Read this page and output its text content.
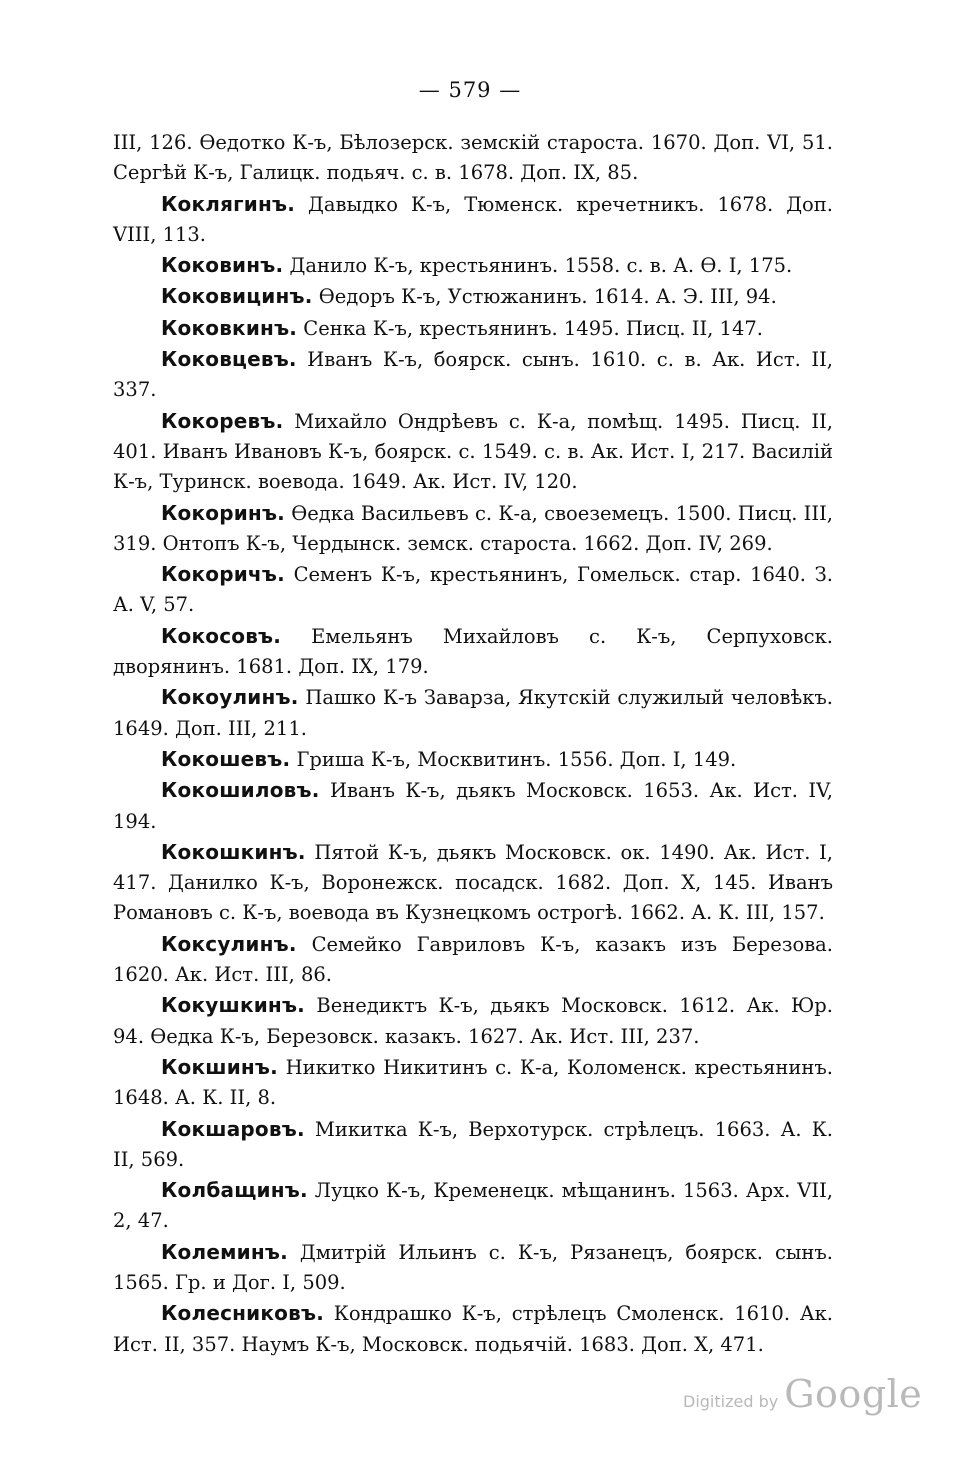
— 579 —

III, 126. Ѳедотко К-ъ, Бѣлозерск. земскій староста. 1670. Доп. VI, 51. Сергѣй К-ъ, Галицк. подьяч. с. в. 1678. Доп. IX, 85.

Коклягинъ. Давыдко К-ъ, Тюменск. кречетникъ. 1678. Доп. VIII, 113.

Коковинъ. Данило К-ъ, крестьянинъ. 1558. с. в. А. Ѳ. I, 175.

Коковицинъ. Ѳедоръ К-ъ, Устюжанинъ. 1614. А. Э. III, 94.

Коковкинъ. Сенка К-ъ, крестьянинъ. 1495. Писц. II, 147.

Коковцевъ. Иванъ К-ъ, боярск. сынъ. 1610. с. в. Ак. Ист. II, 337.

Кокоревъ. Михайло Ондрѣевъ с. К-а, помѣщ. 1495. Писц. II, 401. Иванъ Ивановъ К-ъ, боярск. с. 1549. с. в. Ак. Ист. I, 217. Василій К-ъ, Туринск. воевода. 1649. Ак. Ист. IV, 120.

Кокоринъ. Ѳедка Васильевъ с. К-а, своеземецъ. 1500. Писц. III, 319. Онтопъ К-ъ, Чердынск. земск. староста. 1662. Доп. IV, 269.

Кокоричъ. Семенъ К-ъ, крестьянинъ, Гомельск. стар. 1640. З. А. V, 57.

Кокосовъ. Емельянъ Михайловъ с. К-ъ, Серпуховск. дворянинъ. 1681. Доп. IX, 179.

Кокоулинъ. Пашко К-ъ Заварза, Якутскій служилый человѣкъ. 1649. Доп. III, 211.

Кокошевъ. Гриша К-ъ, Москвитинъ. 1556. Доп. I, 149.

Кокошиловъ. Иванъ К-ъ, дьякъ Московск. 1653. Ак. Ист. IV, 194.

Кокошкинъ. Пятой К-ъ, дьякъ Московск. ок. 1490. Ак. Ист. I, 417. Данилко К-ъ, Воронежск. посадск. 1682. Доп. X, 145. Иванъ Романовъ с. К-ъ, воевода въ Кузнецкомъ острогѣ. 1662. А. К. III, 157.

Коксулинъ. Семейко Гавриловъ К-ъ, казакъ изъ Березова. 1620. Ак. Ист. III, 86.

Кокушкинъ. Венедиктъ К-ъ, дьякъ Московск. 1612. Ак. Юр. 94. Ѳедка К-ъ, Березовск. казакъ. 1627. Ак. Ист. III, 237.

Кокшинъ. Никитко Никитинъ с. К-а, Коломенск. крестьянинъ. 1648. А. К. II, 8.

Кокшаровъ. Микитка К-ъ, Верхотурск. стрѣлецъ. 1663. А. К. II, 569.

Колбащинъ. Луцко К-ъ, Кременецк. мѣщанинъ. 1563. Арх. VII, 2, 47.

Колеминъ. Дмитрій Ильинъ с. К-ъ, Рязанецъ, боярск. сынъ. 1565. Гр. и Дог. I, 509.

Колесниковъ. Кондрашко К-ъ, стрѣлецъ Смоленск. 1610. Ак. Ист. II, 357. Наумъ К-ъ, Московск. подьячій. 1683. Доп. X, 471.

Digitized by Google
